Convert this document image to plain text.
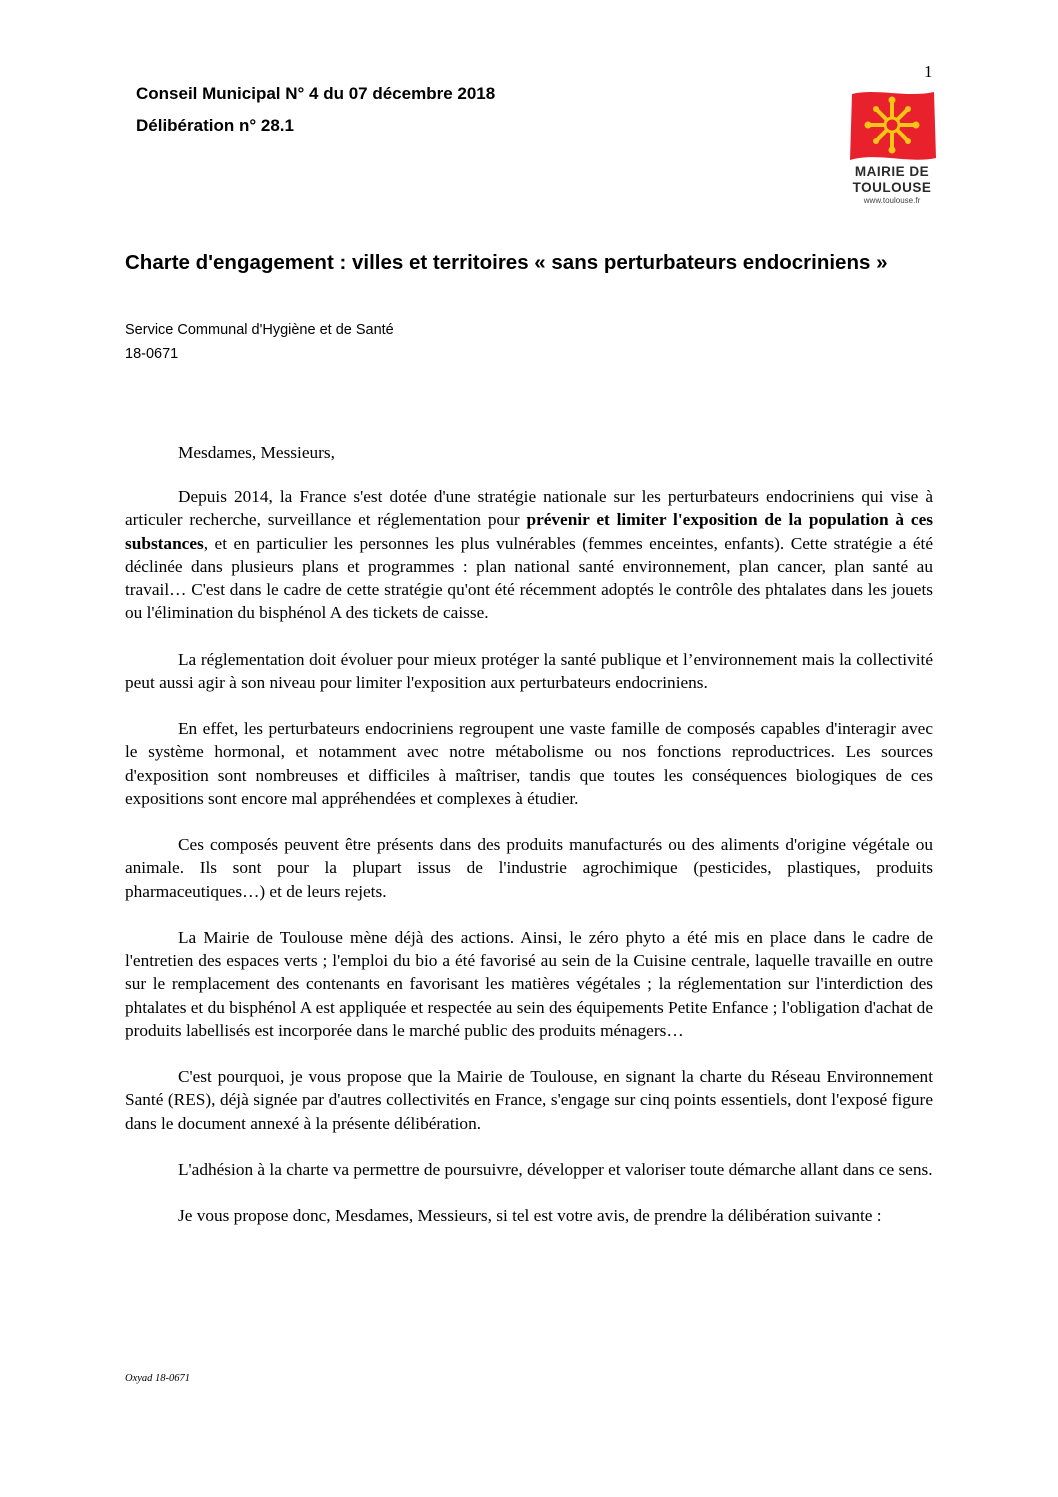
Conseil Municipal N° 4 du 07 décembre 2018
Délibération n° 28.1
1
MAIRIE DE
TOULOUSE
www.toulouse.fr
Charte d'engagement : villes et territoires « sans perturbateurs endocriniens »
Service Communal d'Hygiène et de Santé
18-0671

Mesdames, Messieurs,

Depuis 2014, la France s'est dotée d'une stratégie nationale sur les perturbateurs endocriniens qui vise à articuler recherche, surveillance et réglementation pour prévenir et limiter l'exposition de la population à ces substances, et en particulier les personnes les plus vulnérables (femmes enceintes, enfants). Cette stratégie a été déclinée dans plusieurs plans et programmes : plan national santé environnement, plan cancer, plan santé au travail… C'est dans le cadre de cette stratégie qu'ont été récemment adoptés le contrôle des phtalates dans les jouets ou l'élimination du bisphénol A des tickets de caisse.

La réglementation doit évoluer pour mieux protéger la santé publique et l’environnement mais la collectivité peut aussi agir à son niveau pour limiter l'exposition aux perturbateurs endocriniens.

En effet, les perturbateurs endocriniens regroupent une vaste famille de composés capables d'interagir avec le système hormonal, et notamment avec notre métabolisme ou nos fonctions reproductrices. Les sources d'exposition sont nombreuses et difficiles à maîtriser, tandis que toutes les conséquences biologiques de ces expositions sont encore mal appréhendées et complexes à étudier.

Ces composés peuvent être présents dans des produits manufacturés ou des aliments d'origine végétale ou animale. Ils sont pour la plupart issus de l'industrie agrochimique (pesticides, plastiques, produits pharmaceutiques…) et de leurs rejets.

La Mairie de Toulouse mène déjà des actions. Ainsi, le zéro phyto a été mis en place dans le cadre de l'entretien des espaces verts ; l'emploi du bio a été favorisé au sein de la Cuisine centrale, laquelle travaille en outre sur le remplacement des contenants en favorisant les matières végétales ; la réglementation sur l'interdiction des phtalates et du bisphénol A est appliquée et respectée au sein des équipements Petite Enfance ; l'obligation d'achat de produits labellisés est incorporée dans le marché public des produits ménagers…

C'est pourquoi, je vous propose que la Mairie de Toulouse, en signant la charte du Réseau Environnement Santé (RES), déjà signée par d'autres collectivités en France, s'engage sur cinq points essentiels, dont l'exposé figure dans le document annexé à la présente délibération.

L'adhésion à la charte va permettre de poursuivre, développer et valoriser toute démarche allant dans ce sens.

Je vous propose donc, Mesdames, Messieurs, si tel est votre avis, de prendre la délibération suivante :

Oxyad 18-0671
